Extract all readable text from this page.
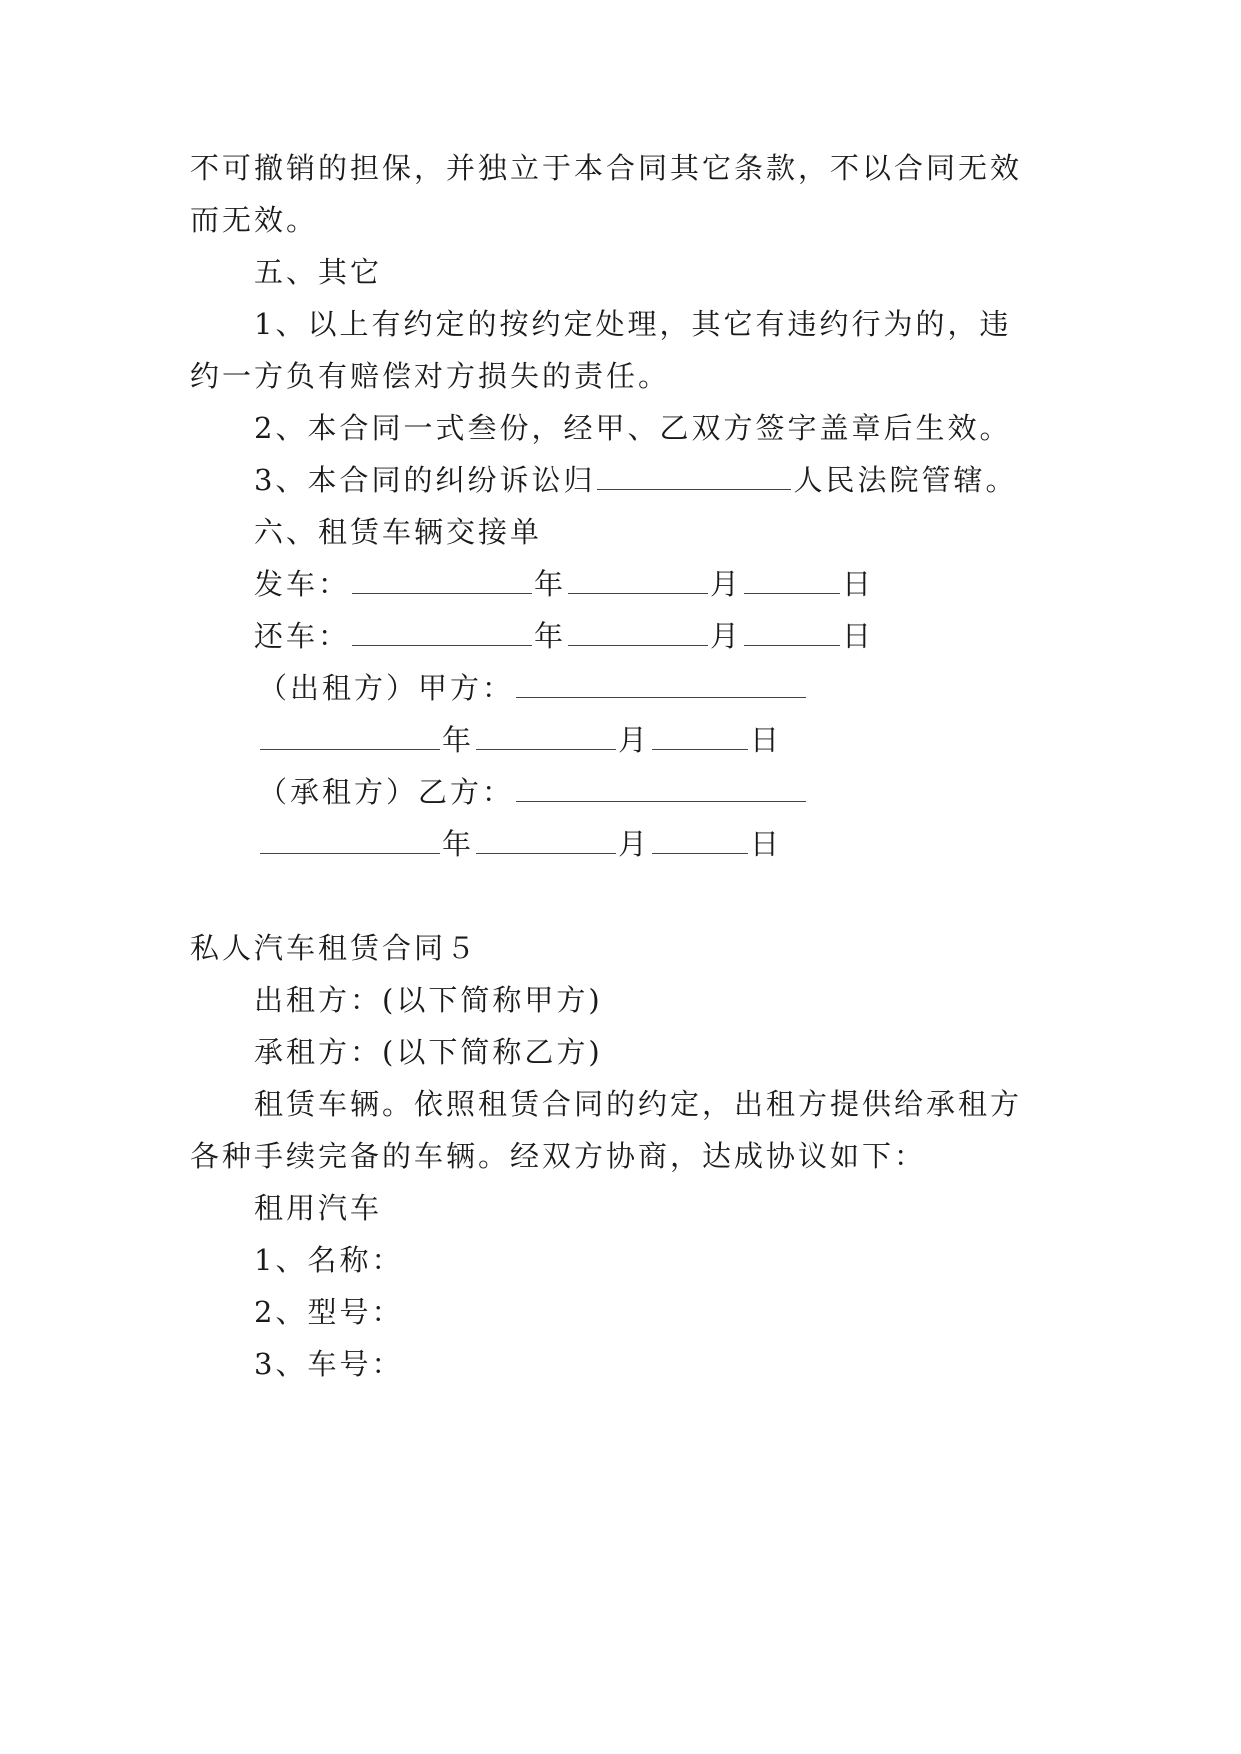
不可撤销的担保，并独立于本合同其它条款，不以合同无效
而无效。
五、其它
1、以上有约定的按约定处理，其它有违约行为的，违
约一方负有赔偿对方损失的责任。
2、本合同一式叁份，经甲、乙双方签字盖章后生效。
3、本合同的纠纷诉讼归	人民法院管辖。
六、租赁车辆交接单
发车：	年	月	日
还车：	年	月	日
（出租方）甲方：
年	月	日
（承租方）乙方：
年	月	日
私人汽车租赁合同５
出租方：(以下简称甲方)
承租方：(以下简称乙方)
租赁车辆。依照租赁合同的约定，出租方提供给承租方
各种手续完备的车辆。经双方协商，达成协议如下：
租用汽车
1、名称：
2、型号：
3、车号：
